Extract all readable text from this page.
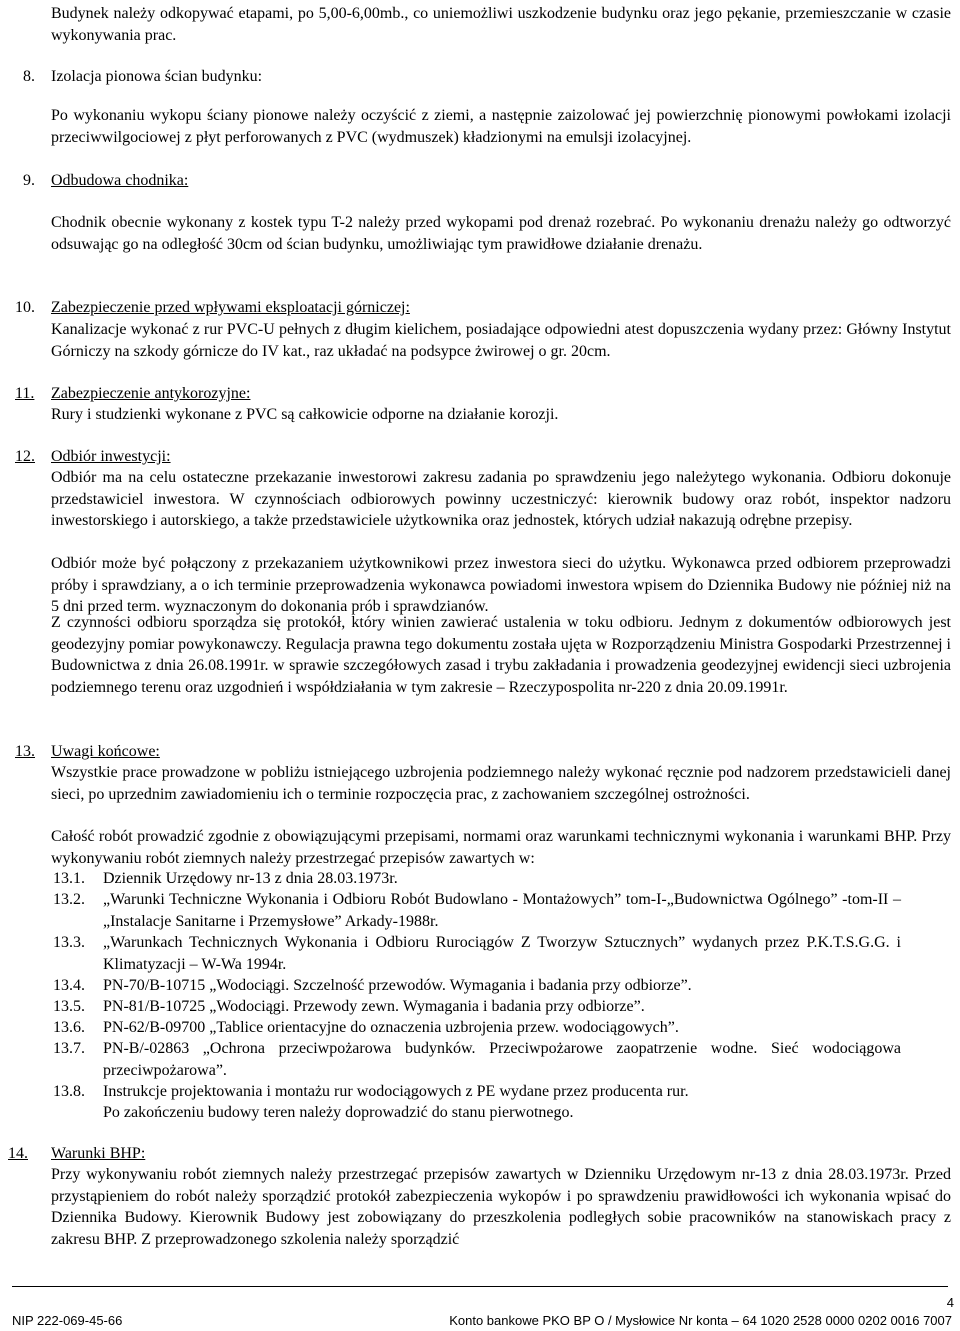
Budynek należy odkopywać etapami, po 5,00-6,00mb., co uniemożliwi uszkodzenie budynku oraz jego pękanie, przemieszczanie w czasie wykonywania prac.

8. Izolacja pionowa ścian budynku:

Po wykonaniu wykopu ściany pionowe należy oczyścić z ziemi, a następnie zaizolować jej powierzchnię pionowymi powłokami izolacji przeciwwilgociowej z płyt perforowanych z PVC (wydmuszek) kładzionymi na emulsji izolacyjnej.

9. Odbudowa chodnika:

Chodnik obecnie wykonany z kostek typu T-2 należy przed wykopami pod drenaż rozebrać. Po wykonaniu drenażu należy go odtworzyć odsuwając go na odległość 30cm od ścian budynku, umożliwiając tym prawidłowe działanie drenażu.

10. Zabezpieczenie przed wpływami eksploatacji górniczej:

Kanalizacje wykonać z rur PVC-U pełnych z długim kielichem, posiadające odpowiedni atest dopuszczenia wydany przez: Główny Instytut Górniczy na szkody górnicze do IV kat., raz układać na podsypce żwirowej o gr. 20cm.

11. Zabezpieczenie antykorozyjne:

Rury i studzienki wykonane z PVC są całkowicie odporne na działanie korozji.

12. Odbiór inwestycji:

Odbiór ma na celu ostateczne przekazanie inwestorowi zakresu zadania po sprawdzeniu jego należytego wykonania. Odbioru dokonuje przedstawiciel inwestora. W czynnościach odbiorowych powinny uczestniczyć: kierownik budowy oraz robót, inspektor nadzoru inwestorskiego i autorskiego, a także przedstawiciele użytkownika oraz jednostek, których udział nakazują odrębne przepisy.

Odbiór może być połączony z przekazaniem użytkownikowi przez inwestora sieci do użytku. Wykonawca przed odbiorem przeprowadzi próby i sprawdziany, a o ich terminie przeprowadzenia wykonawca powiadomi inwestora wpisem do Dziennika Budowy nie później niż na 5 dni przed term. wyznaczonym do dokonania prób i sprawdzianów.

Z czynności odbioru sporządza się protokół, który winien zawierać ustalenia w toku odbioru. Jednym z dokumentów odbiorowych jest geodezyjny pomiar powykonawczy. Regulacja prawna tego dokumentu została ujęta w Rozporządzeniu Ministra Gospodarki Przestrzennej i Budownictwa z dnia 26.08.1991r. w sprawie szczegółowych zasad i trybu zakładania i prowadzenia geodezyjnej ewidencji sieci uzbrojenia podziemnego terenu oraz uzgodnień i współdziałania w tym zakresie – Rzeczypospolita nr-220 z dnia 20.09.1991r.

13. Uwagi końcowe:

Wszystkie prace prowadzone w pobliżu istniejącego uzbrojenia podziemnego należy wykonać ręcznie pod nadzorem przedstawicieli danej sieci, po uprzednim zawiadomieniu ich o terminie rozpoczęcia prac, z zachowaniem szczególnej ostrożności.

Całość robót prowadzić zgodnie z obowiązującymi przepisami, normami oraz warunkami technicznymi wykonania i warunkami BHP. Przy wykonywaniu robót ziemnych należy przestrzegać przepisów zawartych w:

13.1. Dziennik Urzędowy nr-13 z dnia 28.03.1973r.
13.2. „Warunki Techniczne Wykonania i Odbioru Robót Budowlano - Montażowych” tom-I-„Budownictwa Ogólnego” -tom-II –„Instalacje Sanitarne i Przemysłowe” Arkady-1988r.
13.3. „Warunkach Technicznych Wykonania i Odbioru Rurociągów Z Tworzyw Sztucznych” wydanych przez P.K.T.S.G.G. i Klimatyzacji – W-Wa 1994r.
13.4. PN-70/B-10715 „Wodociągi. Szczelność przewodów. Wymagania i badania przy odbiorze”.
13.5. PN-81/B-10725 „Wodociągi. Przewody zewn. Wymagania i badania przy odbiorze”.
13.6. PN-62/B-09700 „Tablice orientacyjne do oznaczenia uzbrojenia przew. wodociągowych”.
13.7. PN-B/-02863 „Ochrona przeciwpożarowa budynków. Przeciwpożarowe zaopatrzenie wodne. Sieć wodociągowa przeciwpożarowa”.
13.8. Instrukcje projektowania i montażu rur wodociągowych z PE wydane przez producenta rur.
Po zakończeniu budowy teren należy doprowadzić do stanu pierwotnego.
14. Warunki BHP:

Przy wykonywaniu robót ziemnych należy przestrzegać przepisów zawartych w Dzienniku Urzędowym nr-13 z dnia 28.03.1973r. Przed przystąpieniem do robót należy sporządzić protokół zabezpieczenia wykopów i po sprawdzeniu prawidłowości ich wykonania wpisać do Dziennika Budowy. Kierownik Budowy jest zobowiązany do przeszkolenia podległych sobie pracowników na stanowiskach pracy z zakresu BHP. Z przeprowadzonego szkolenia należy sporządzić

4
NIP 222-069-45-66	Konto bankowe PKO BP O / Mysłowice Nr konta – 64 1020 2528 0000 0202 0016 7007
